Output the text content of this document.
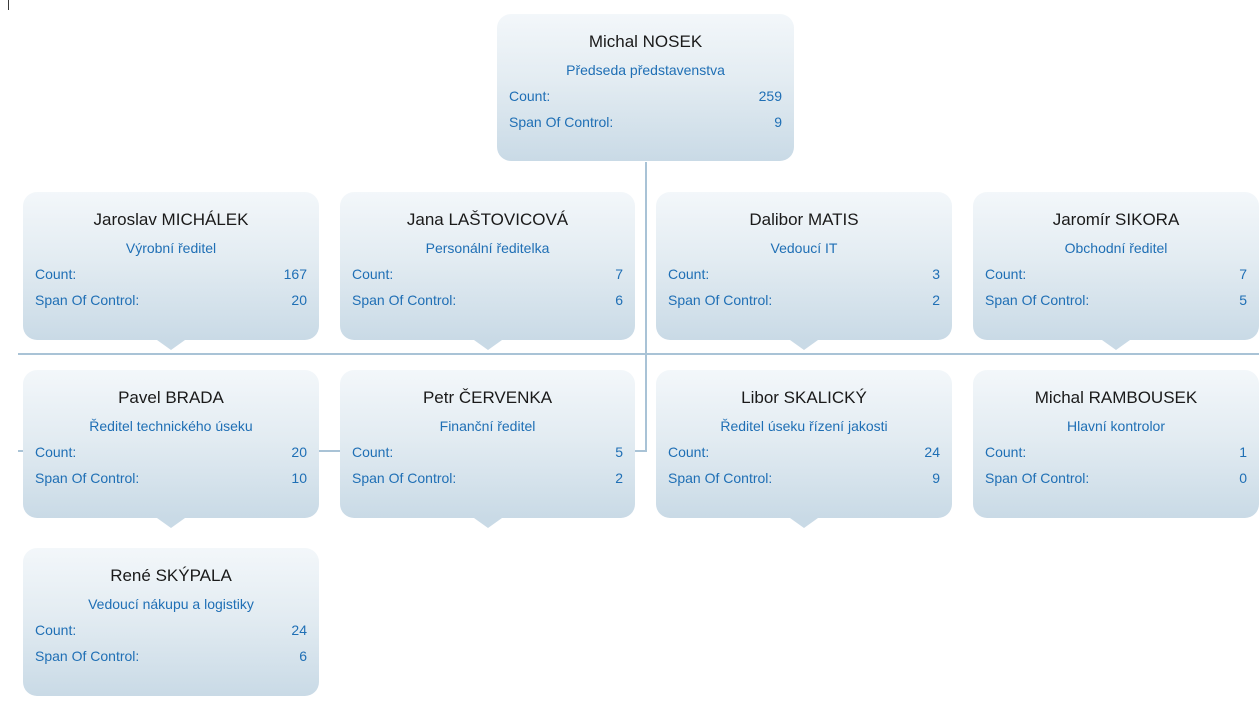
Michal NOSEK
Předseda představenstva
Count:	259
Span Of Control:	9
Jaroslav MICHÁLEK
Výrobní ředitel
Count:	167
Span Of Control:	20
Jana LAŠTOVICOVÁ
Personální ředitelka
Count:	7
Span Of Control:	6
Dalibor MATIS
Vedoucí IT
Count:	3
Span Of Control:	2
Jaromír SIKORA
Obchodní ředitel
Count:	7
Span Of Control:	5
Pavel BRADA
Ředitel technického úseku
Count:	20
Span Of Control:	10
Petr ČERVENKA
Finanční ředitel
Count:	5
Span Of Control:	2
Libor SKALICKÝ
Ředitel úseku řízení jakosti
Count:	24
Span Of Control:	9
Michal RAMBOUSEK
Hlavní kontrolor
Count:	1
Span Of Control:	0
René SKÝPALA
Vedoucí nákupu a logistiky
Count:	24
Span Of Control:	6
